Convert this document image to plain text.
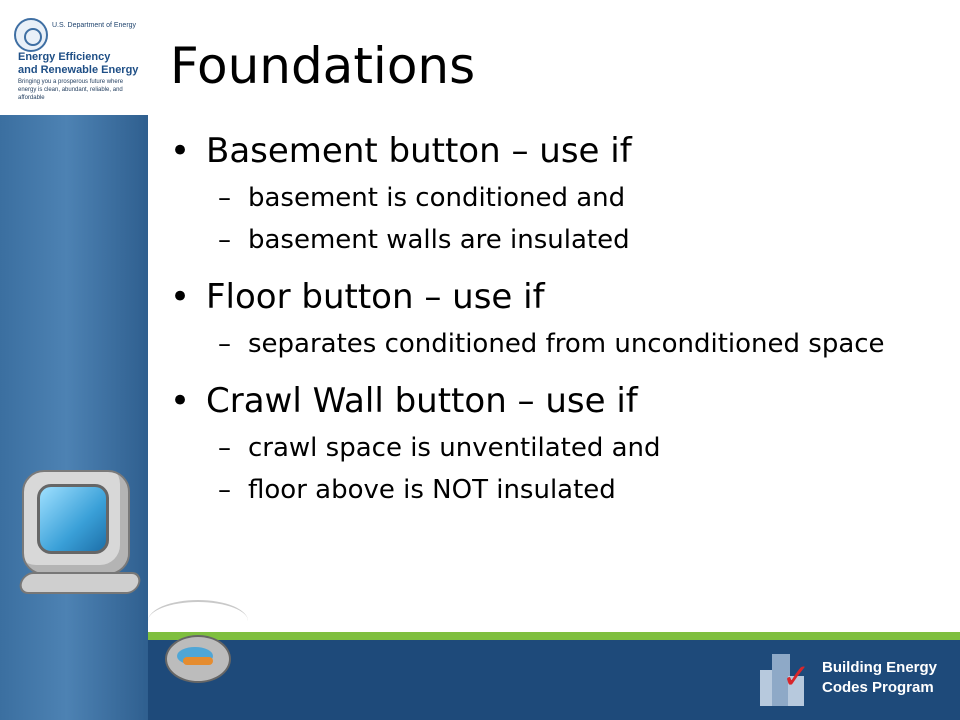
U.S. Department of Energy
Energy Efficiency
and Renewable Energy
Bringing you a prosperous future where energy is clean, abundant, reliable, and affordable
✓ Building Energy
Codes Program
Foundations
• Basement button – use if
– basement is conditioned and
– basement walls are insulated
• Floor button – use if
– separates conditioned from unconditioned space
• Crawl Wall button – use if
– crawl space is unventilated and
– floor above is NOT insulated
